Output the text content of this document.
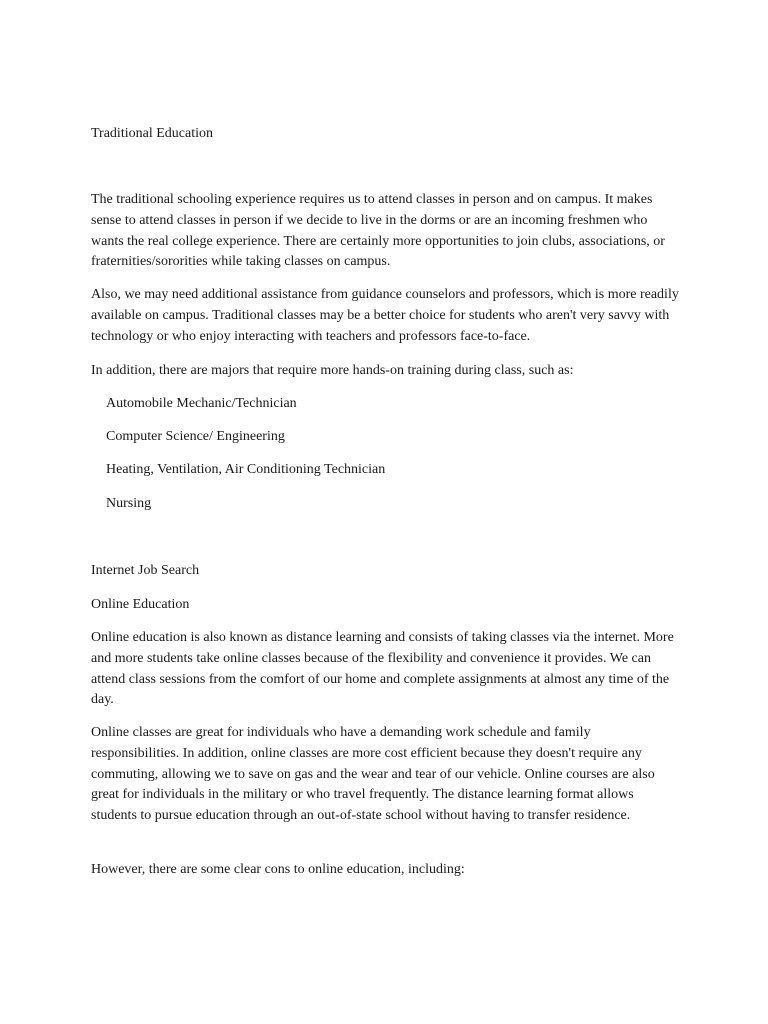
Traditional Education

The traditional schooling experience requires us to attend classes in person and on campus. It makes sense to attend classes in person if we decide to live in the dorms or are an incoming freshmen who wants the real college experience. There are certainly more opportunities to join clubs, associations, or fraternities/sororities while taking classes on campus.

Also, we may need additional assistance from guidance counselors and professors, which is more readily available on campus. Traditional classes may be a better choice for students who aren't very savvy with technology or who enjoy interacting with teachers and professors face-to-face.

In addition, there are majors that require more hands-on training during class, such as:

Automobile Mechanic/Technician

Computer Science/ Engineering

Heating, Ventilation, Air Conditioning Technician

Nursing

Internet Job Search

Online Education

Online education is also known as distance learning and consists of taking classes via the internet. More and more students take online classes because of the flexibility and convenience it provides. We can attend class sessions from the comfort of our home and complete assignments at almost any time of the day.

Online classes are great for individuals who have a demanding work schedule and family responsibilities. In addition, online classes are more cost efficient because they doesn't require any commuting, allowing we to save on gas and the wear and tear of our vehicle. Online courses are also great for individuals in the military or who travel frequently. The distance learning format allows students to pursue education through an out-of-state school without having to transfer residence.

However, there are some clear cons to online education, including:
